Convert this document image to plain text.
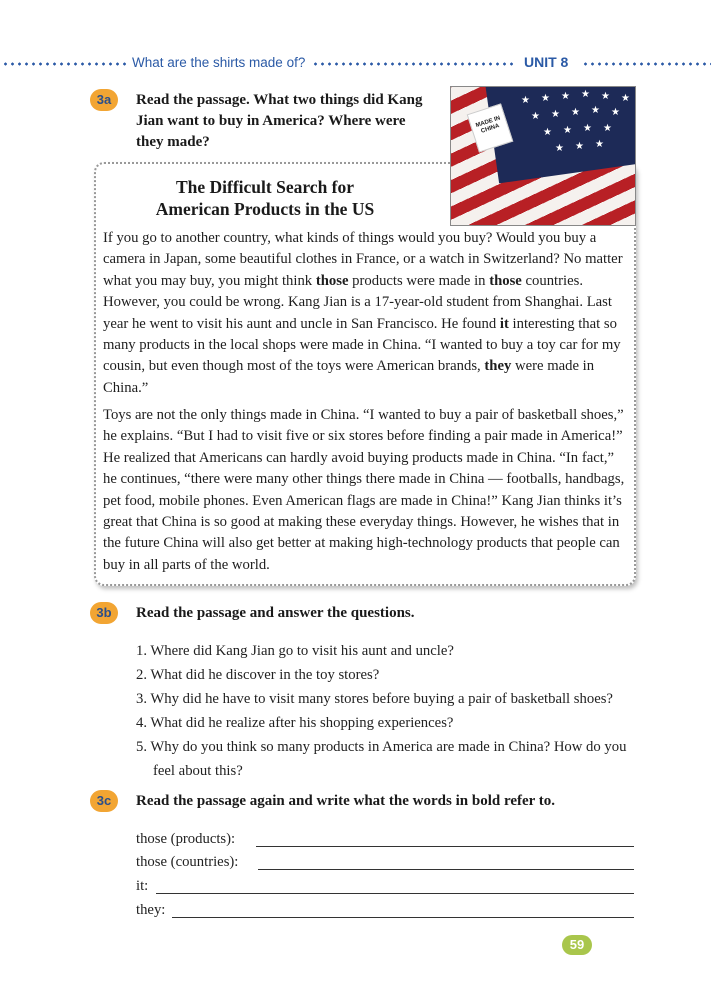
What are the shirts made of?	UNIT 8
3a	Read the passage. What two things did Kang Jian want to buy in America? Where were they made?
★ ★ ★ ★ ★ ★
★ ★ ★ ★ ★
★ ★ ★ ★
★ ★ ★
MADE IN CHINA
The Difficult Search for
American Products in the US
If you go to another country, what kinds of things would you buy? Would you buy a camera in Japan, some beautiful clothes in France, or a watch in Switzerland? No matter what you may buy, you might think those products were made in those countries. However, you could be wrong. Kang Jian is a 17-year-old student from Shanghai. Last year he went to visit his aunt and uncle in San Francisco. He found it interesting that so many products in the local shops were made in China. “I wanted to buy a toy car for my cousin, but even though most of the toys were American brands, they were made in China.”
Toys are not the only things made in China. “I wanted to buy a pair of basketball shoes,” he explains. “But I had to visit five or six stores before finding a pair made in America!” He realized that Americans can hardly avoid buying products made in China. “In fact,” he continues, “there were many other things there made in China — footballs, handbags, pet food, mobile phones. Even American flags are made in China!” Kang Jian thinks it’s great that China is so good at making these everyday things. However, he wishes that in the future China will also get better at making high-technology products that people can buy in all parts of the world.
3b	Read the passage and answer the questions.
1. Where did Kang Jian go to visit his aunt and uncle?
2. What did he discover in the toy stores?
3. Why did he have to visit many stores before buying a pair of basketball shoes?
4. What did he realize after his shopping experiences?
5. Why do you think so many products in America are made in China? How do you feel about this?
3c	Read the passage again and write what the words in bold refer to.
those (products):
those (countries):
it:
they:
59
